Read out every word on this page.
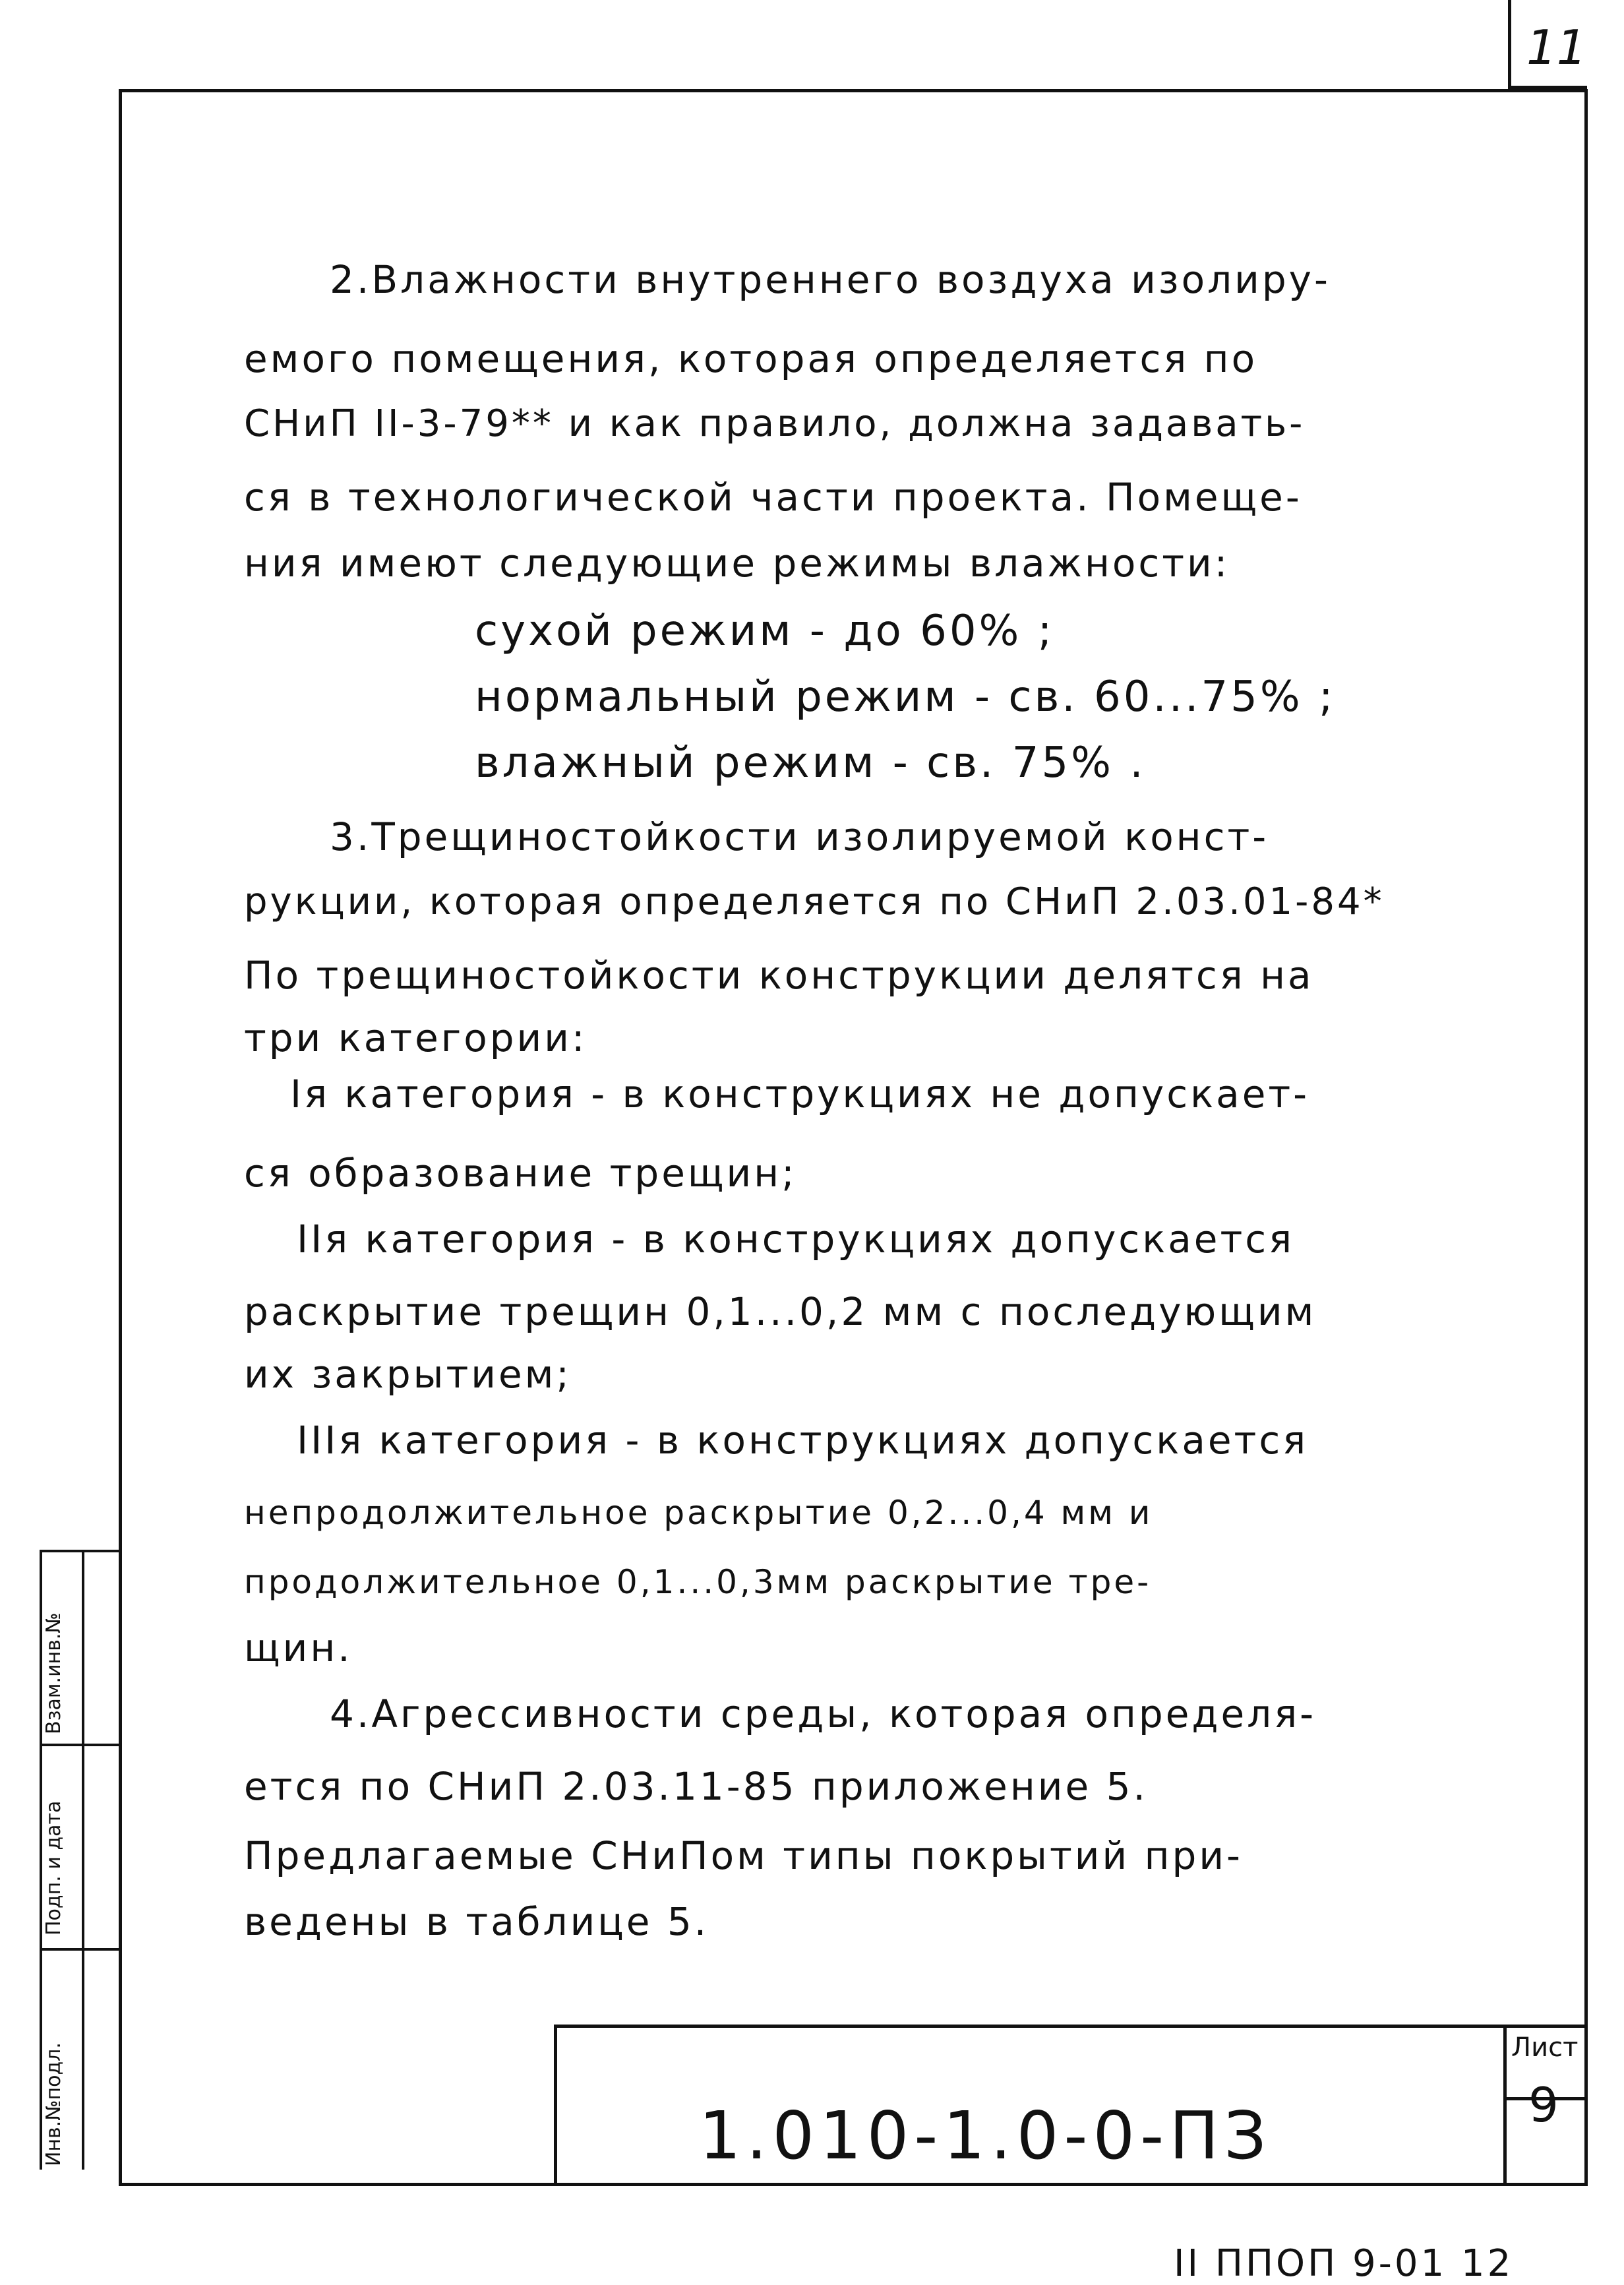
11
2.Влажности внутреннего воздуха изолиру-
емого помещения, которая определяется по
СНиП II-3-79** и как правило, должна задавать-
ся в технологической части проекта. Помеще-
ния имеют следующие режимы влажности:
сухой режим - до 60% ;
нормальный режим - св. 60...75% ;
влажный режим - св. 75% .
3.Трещиностойкости изолируемой конст-
рукции, которая определяется по СНиП 2.03.01-84*
По трещиностойкости конструкции делятся на
три категории:
Iя категория - в конструкциях не допускает-
ся образование трещин;
IIя категория - в конструкциях допускается
раскрытие трещин 0,1...0,2 мм с последующим
их закрытием;
IIIя категория - в конструкциях допускается
непродолжительное раскрытие 0,2...0,4 мм и
продолжительное 0,1...0,3мм раскрытие тре-
щин.
4.Агрессивности среды, которая определя-
ется по СНиП 2.03.11-85 приложение 5.
Предлагаемые СНиПом типы покрытий при-
ведены в таблице 5.
Инв.№подл.
Подп. и дата
Взам.инв.№
1.010-1.0-0-ПЗ
Лист
9
II ППОП 9-01 12
